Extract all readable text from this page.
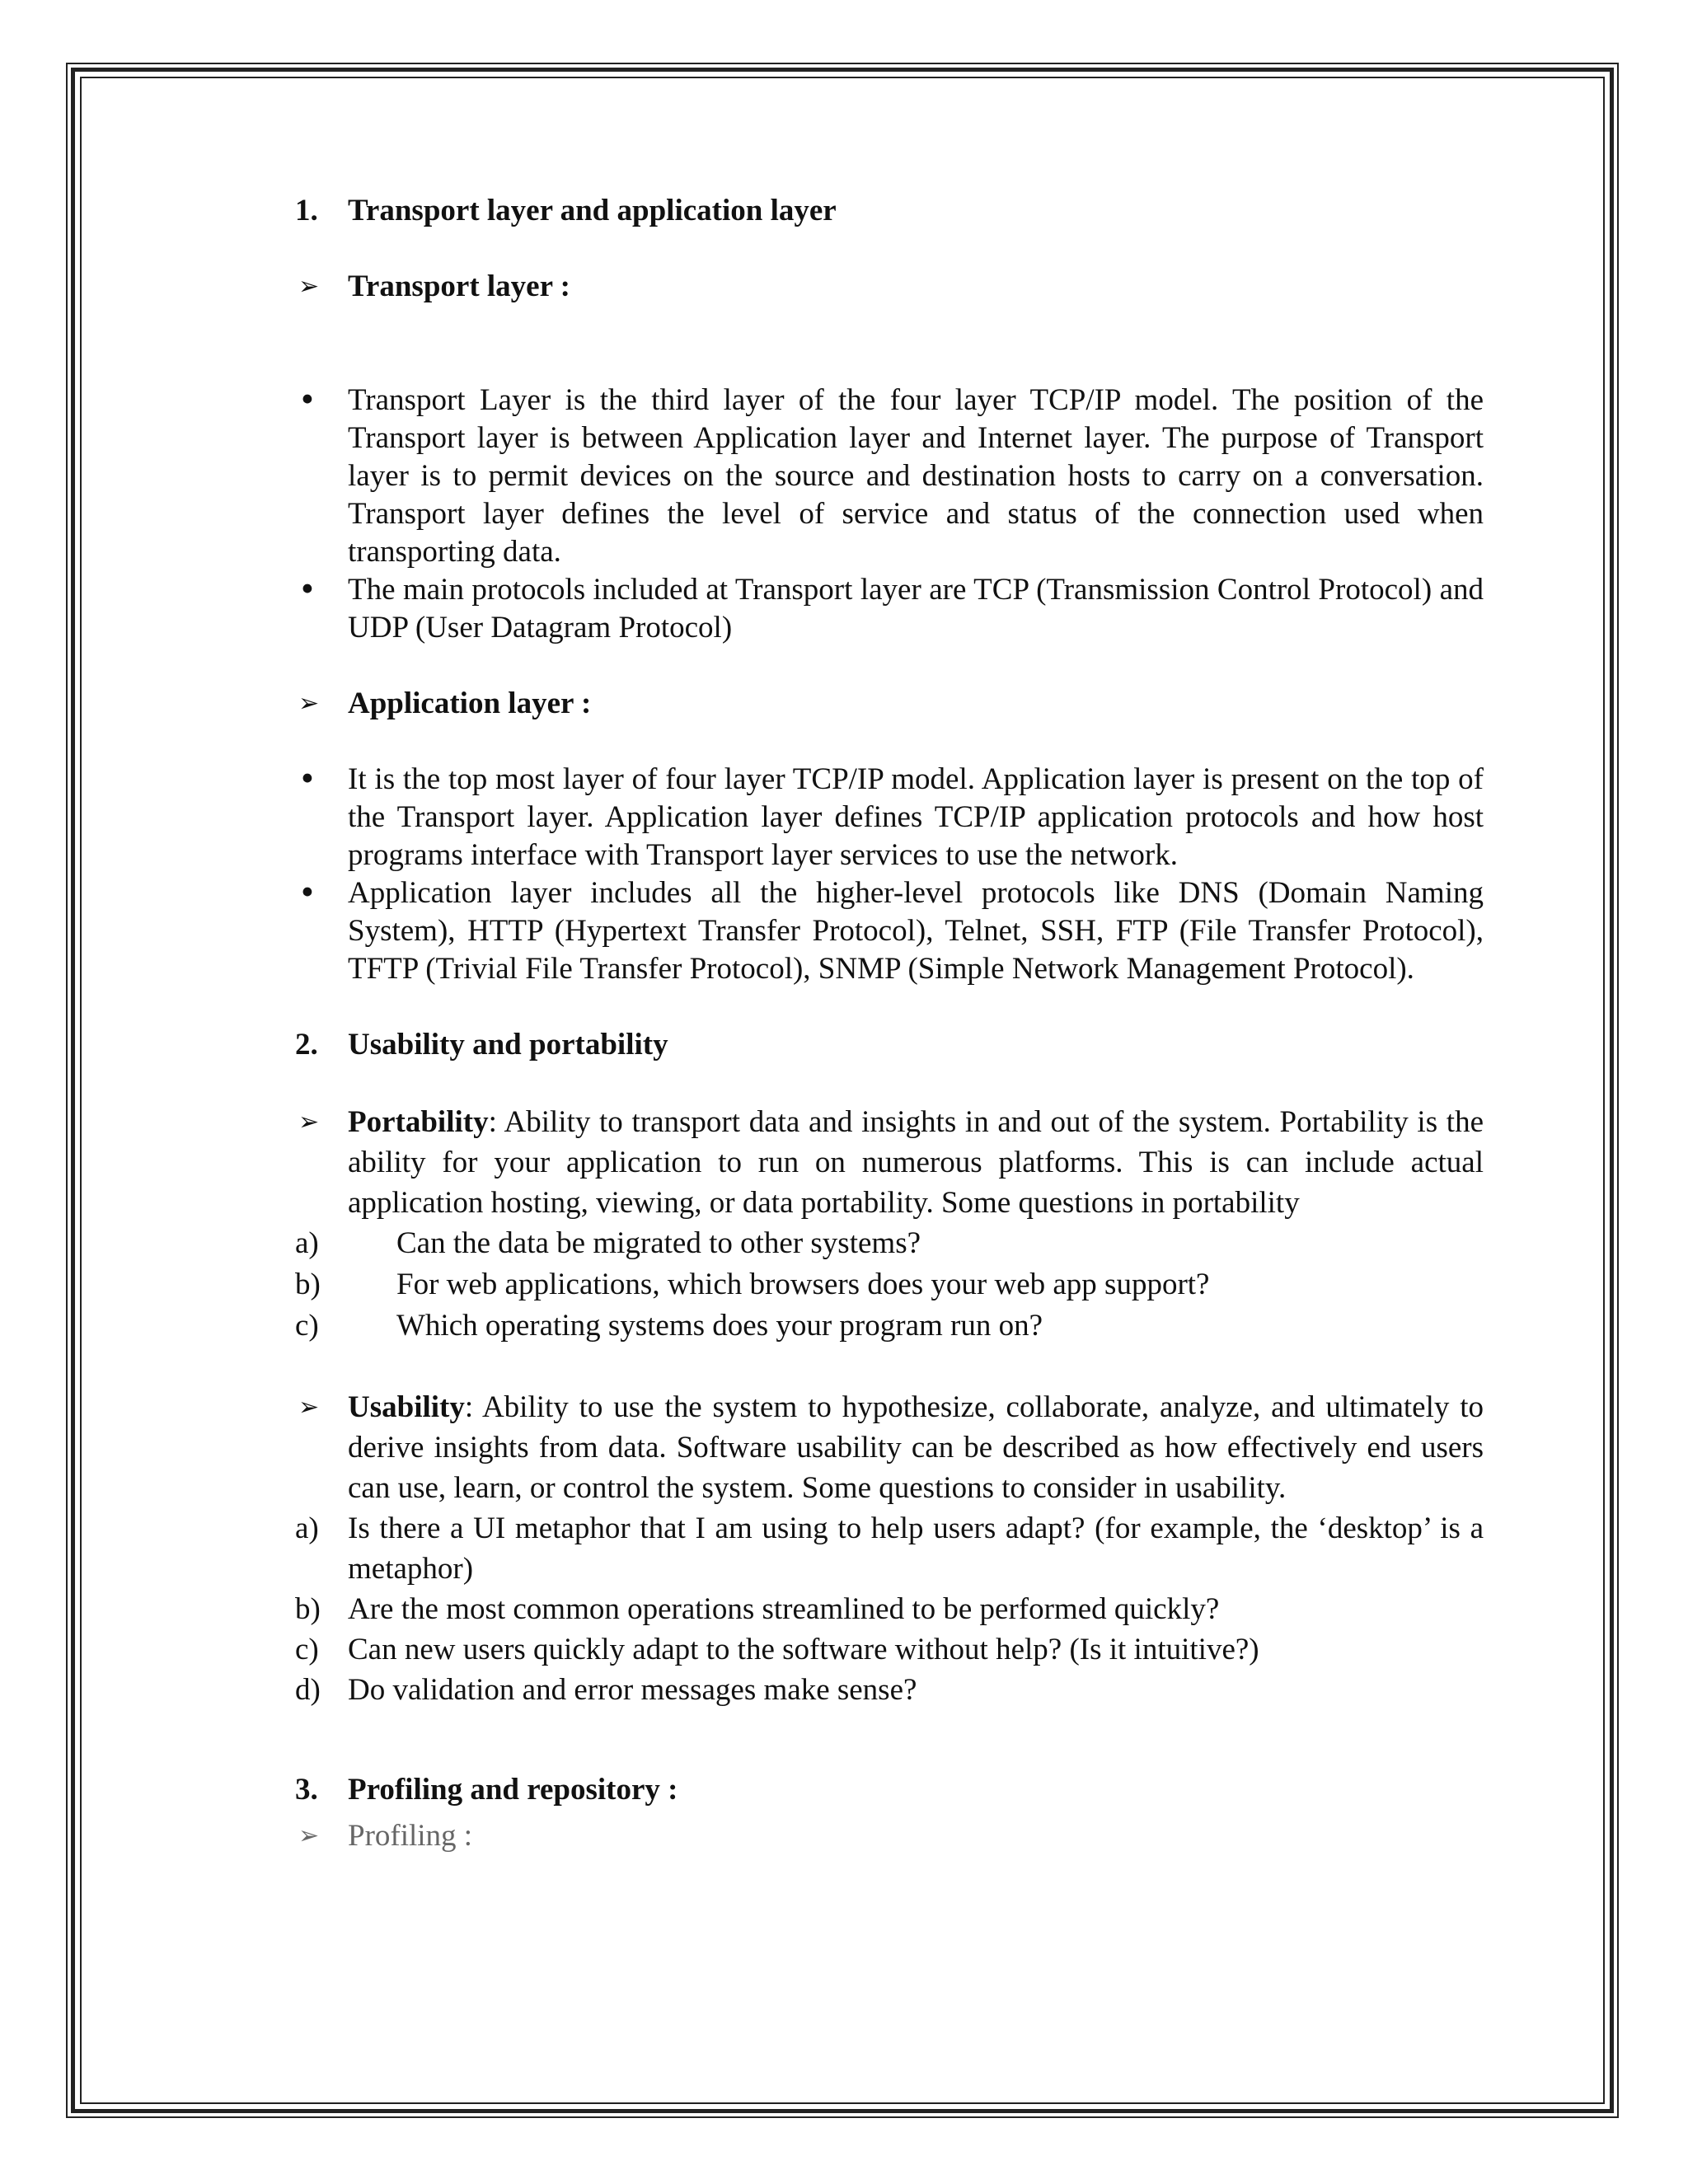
1. Transport layer and application layer
➢ Transport layer :
• Transport Layer is the third layer of the four layer TCP/IP model. The position of the Transport layer is between Application layer and Internet layer. The purpose of Transport layer is to permit devices on the source and destination hosts to carry on a conversation. Transport layer defines the level of service and status of the connection used when transporting data.
• The main protocols included at Transport layer are TCP (Transmission Control Protocol) and UDP (User Datagram Protocol)
➢ Application layer :
• It is the top most layer of four layer TCP/IP model. Application layer is present on the top of the Transport layer. Application layer defines TCP/IP application protocols and how host programs interface with Transport layer services to use the network.
• Application layer includes all the higher-level protocols like DNS (Domain Naming System), HTTP (Hypertext Transfer Protocol), Telnet, SSH, FTP (File Transfer Protocol), TFTP (Trivial File Transfer Protocol), SNMP (Simple Network Management Protocol).
2. Usability and portability
➢ Portability: Ability to transport data and insights in and out of the system. Portability is the ability for your application to run on numerous platforms. This is can include actual application hosting, viewing, or data portability. Some questions in portability
a)	Can the data be migrated to other systems?
b) For web applications, which browsers does your web app support?
c)	Which operating systems does your program run on?
➢ Usability: Ability to use the system to hypothesize, collaborate, analyze, and ultimately to derive insights from data. Software usability can be described as how effectively end users can use, learn, or control the system. Some questions to consider in usability.
a) Is there a UI metaphor that I am using to help users adapt? (for example, the ‘desktop’ is a metaphor)
b) Are the most common operations streamlined to be performed quickly?
c) Can new users quickly adapt to the software without help? (Is it intuitive?)
d) Do validation and error messages make sense?
3. Profiling and repository :
➢ Profiling :
